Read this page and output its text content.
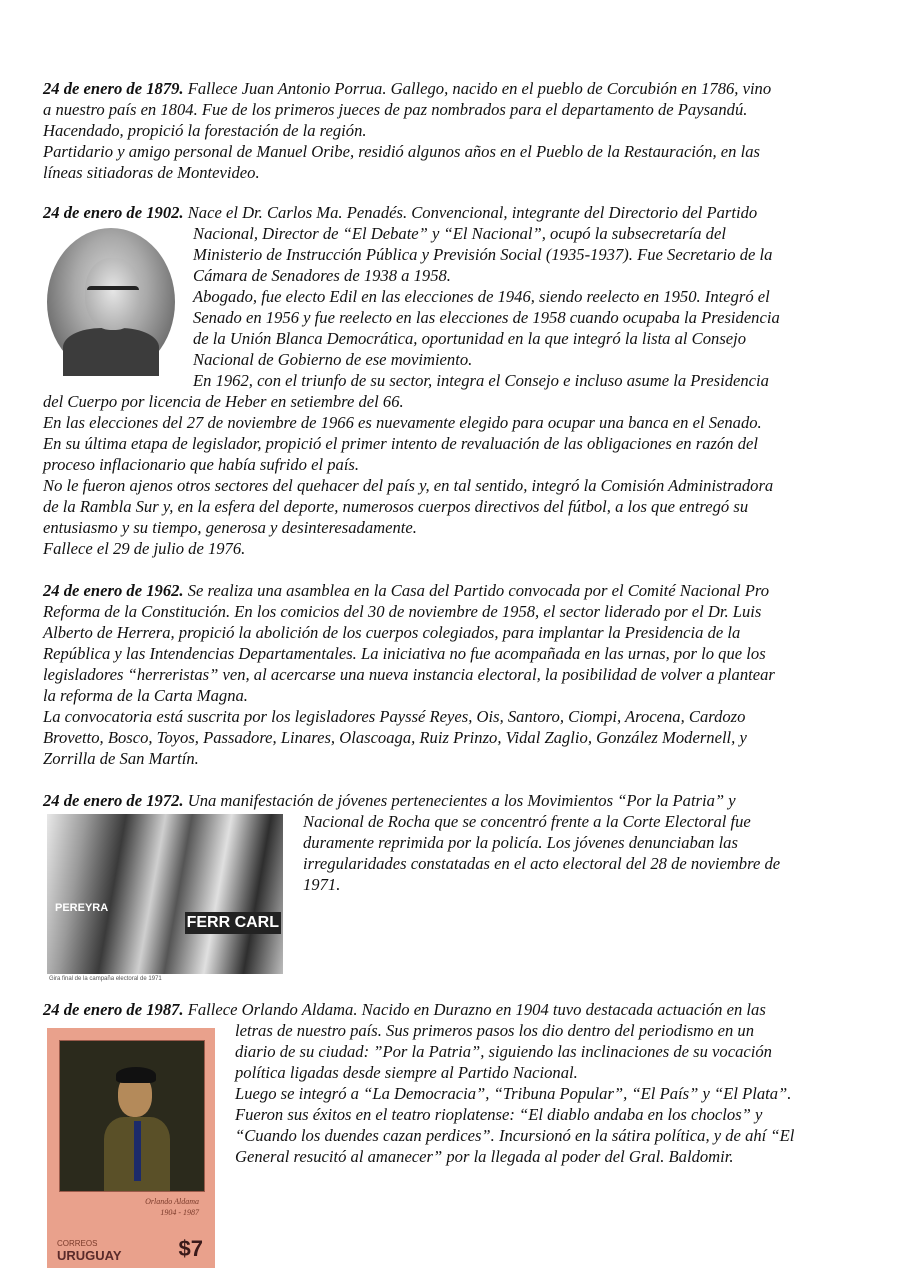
24 de enero de 1879. Fallece Juan Antonio Porrua. Gallego, nacido en el pueblo de Corcubión en 1786, vino
a nuestro país en 1804. Fue de los primeros jueces de paz nombrados para el departamento de Paysandú.
Hacendado, propició la forestación de la región.
Partidario y amigo personal de Manuel Oribe, residió algunos años en el Pueblo de la Restauración, en las
líneas sitiadoras de Montevideo.
24 de enero de 1902. Nace el Dr. Carlos Ma. Penadés. Convencional, integrante del Directorio del Partido
Nacional, Director de “El Debate” y “El Nacional”, ocupó la subsecretaría del
Ministerio de Instrucción Pública y Previsión Social (1935-1937). Fue Secretario de la
Cámara de Senadores de 1938 a 1958.
Abogado, fue electo Edil en las elecciones de 1946, siendo reelecto en 1950. Integró el
Senado en 1956 y fue reelecto en las elecciones de 1958 cuando ocupaba la Presidencia
de la Unión Blanca Democrática, oportunidad en la que integró la lista al Consejo
Nacional de Gobierno de ese movimiento.
En 1962, con el triunfo de su sector, integra el Consejo e incluso asume la Presidencia
del Cuerpo por licencia de Heber en setiembre del 66.
En las elecciones del 27 de noviembre de 1966 es nuevamente elegido para ocupar una banca en el Senado.
En su última etapa de legislador, propició el primer intento de revaluación de las obligaciones en razón del
proceso inflacionario que había sufrido el país.
No le fueron ajenos otros sectores del quehacer del país y, en tal sentido, integró la Comisión Administradora
de la Rambla Sur y, en la esfera del deporte, numerosos cuerpos directivos del fútbol, a los que entregó su
entusiasmo y su tiempo, generosa y desinteresadamente.
Fallece el 29 de julio de 1976.
24 de enero de 1962. Se realiza una asamblea en la Casa del Partido convocada por el Comité Nacional Pro
Reforma de la Constitución. En los comicios del 30 de noviembre de 1958, el sector liderado por el Dr. Luis
Alberto de Herrera, propició la abolición de los cuerpos colegiados, para implantar la Presidencia de la
República y las Intendencias Departamentales. La iniciativa no fue acompañada en las urnas, por lo que los
legisladores “herreristas” ven, al acercarse una nueva instancia electoral, la posibilidad de volver a plantear
la reforma de la Carta Magna.
La convocatoria está suscrita por los legisladores Payssé Reyes, Ois, Santoro, Ciompi, Arocena, Cardozo
Brovetto, Bosco, Toyos, Passadore, Linares, Olascoaga, Ruiz Prinzo, Vidal Zaglio, González Modernell, y
Zorrilla de San Martín.
24 de enero de 1972. Una manifestación de jóvenes pertenecientes a los Movimientos “Por la Patria” y
Nacional de Rocha que se concentró frente a la Corte Electoral fue
duramente reprimida por la policía. Los jóvenes denunciaban las
irregularidades constatadas en el acto electoral del 28 de noviembre de
1971.
24 de enero de 1987. Fallece Orlando Aldama. Nacido en Durazno en 1904 tuvo destacada actuación en las
letras de nuestro país. Sus primeros pasos los dio dentro del periodismo en un
diario de su ciudad: ”Por la Patria”, siguiendo las inclinaciones de su vocación
política ligadas desde siempre al Partido Nacional.
Luego se integró a “La Democracia”, “Tribuna Popular”, “El País” y “El Plata”.
Fueron sus éxitos en el teatro rioplatense: “El diablo andaba en los choclos” y
“Cuando los duendes cazan perdices”. Incursionó en la sátira política, y de ahí “El
General resucitó al amanecer” por la llegada al poder del Gral. Baldomir.
PEREYRA
FERR CARL
Gira final de la campaña electoral de 1971
Orlando Aldama
1904 - 1987
CORREOS
URUGUAY	$7
